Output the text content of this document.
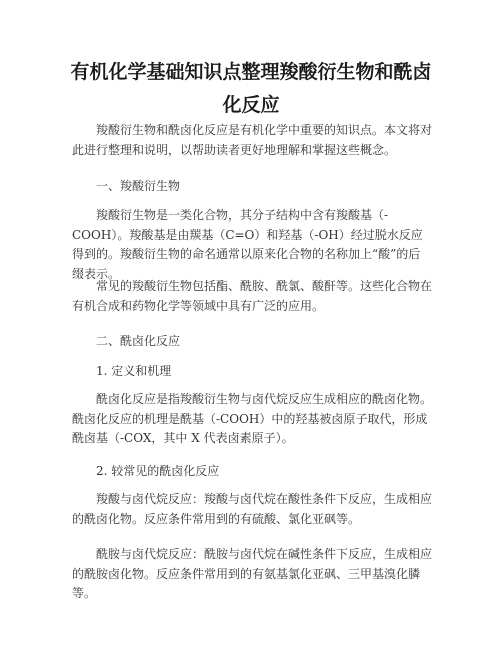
有机化学基础知识点整理羧酸衍生物和酰卤化反应

羧酸衍生物和酰卤化反应是有机化学中重要的知识点。本文将对此进行整理和说明，以帮助读者更好地理解和掌握这些概念。

一、羧酸衍生物

羧酸衍生物是一类化合物，其分子结构中含有羧酸基（-COOH）。羧酸基是由羰基（C=O）和羟基（-OH）经过脱水反应得到的。羧酸衍生物的命名通常以原来化合物的名称加上“酸”的后缀表示。

常见的羧酸衍生物包括酯、酰胺、酰氯、酸酐等。这些化合物在有机合成和药物化学等领域中具有广泛的应用。

二、酰卤化反应

1. 定义和机理

酰卤化反应是指羧酸衍生物与卤代烷反应生成相应的酰卤化物。酰卤化反应的机理是酰基（-COOH）中的羟基被卤原子取代，形成酰卤基（-COX，其中 X 代表卤素原子）。

2. 较常见的酰卤化反应

羧酸与卤代烷反应：羧酸与卤代烷在酸性条件下反应，生成相应的酰卤化物。反应条件常用到的有硫酸、氯化亚砜等。

酰胺与卤代烷反应：酰胺与卤代烷在碱性条件下反应，生成相应的酰胺卤化物。反应条件常用到的有氨基氯化亚砜、三甲基溴化膦等。
